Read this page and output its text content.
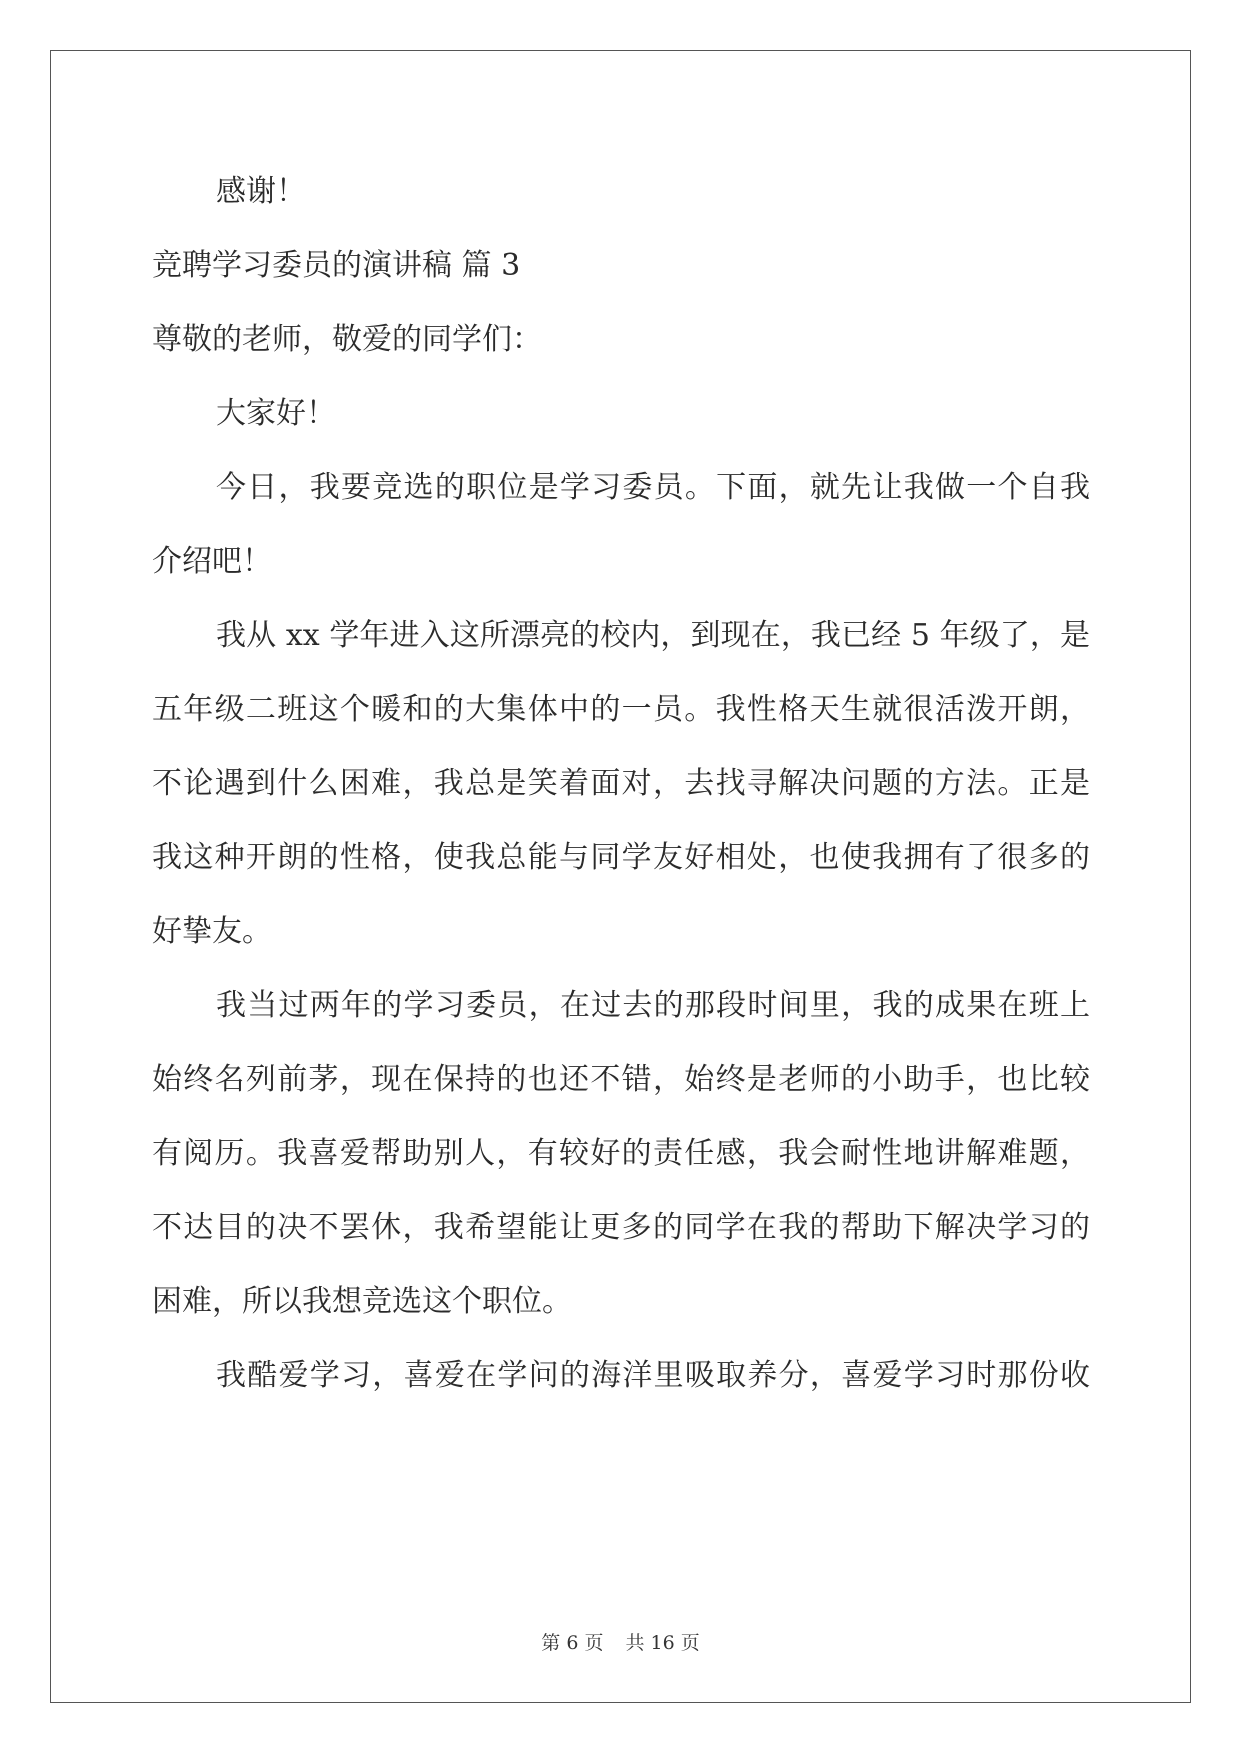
感谢！
竞聘学习委员的演讲稿 篇 3
尊敬的老师，敬爱的同学们：
大家好！
今日，我要竞选的职位是学习委员。下面，就先让我做一个自我
介绍吧！
我从 xx 学年进入这所漂亮的校内，到现在，我已经 5 年级了，是
五年级二班这个暖和的大集体中的一员。我性格天生就很活泼开朗，
不论遇到什么困难，我总是笑着面对，去找寻解决问题的方法。正是
我这种开朗的性格，使我总能与同学友好相处，也使我拥有了很多的
好挚友。
我当过两年的学习委员，在过去的那段时间里，我的成果在班上
始终名列前茅，现在保持的也还不错，始终是老师的小助手，也比较
有阅历。我喜爱帮助别人，有较好的责任感，我会耐性地讲解难题，
不达目的决不罢休，我希望能让更多的同学在我的帮助下解决学习的
困难，所以我想竞选这个职位。
我酷爱学习，喜爱在学问的海洋里吸取养分，喜爱学习时那份收
第 6 页 共 16 页
